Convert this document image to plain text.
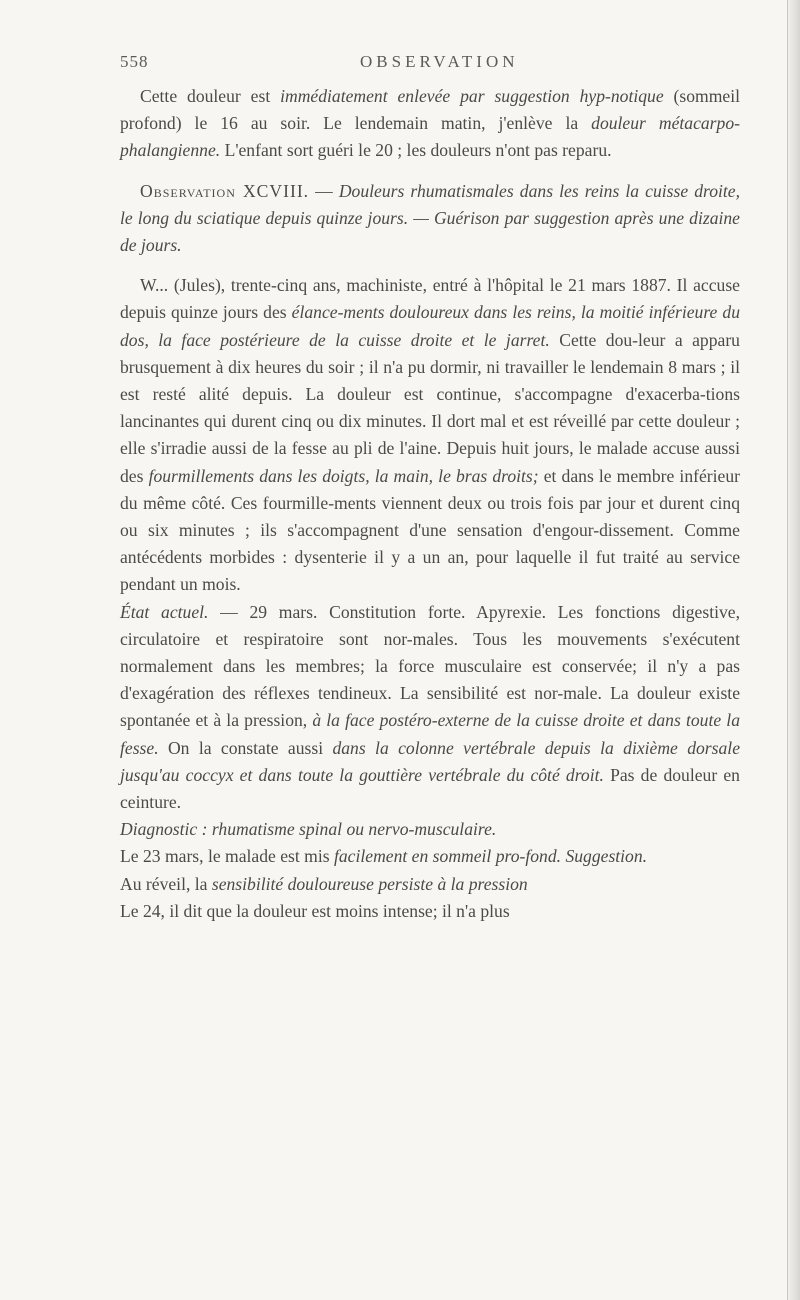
558	OBSERVATION

Cette douleur est immédiatement enlevée par suggestion hyp-notique (sommeil profond) le 16 au soir. Le lendemain matin, j'enlève la douleur métacarpo-phalangienne. L'enfant sort guéri le 20 ; les douleurs n'ont pas reparu.

Observation XCVIII. — Douleurs rhumatismales dans les reins la cuisse droite, le long du sciatique depuis quinze jours. — Guérison par suggestion après une dizaine de jours.

W... (Jules), trente-cinq ans, machiniste, entré à l'hôpital le 21 mars 1887. Il accuse depuis quinze jours des élance-ments douloureux dans les reins, la moitié inférieure du dos, la face postérieure de la cuisse droite et le jarret. Cette dou-leur a apparu brusquement à dix heures du soir ; il n'a pu dormir, ni travailler le lendemain 8 mars ; il est resté alité depuis. La douleur est continue, s'accompagne d'exacerba-tions lancinantes qui durent cinq ou dix minutes. Il dort mal et est réveillé par cette douleur ; elle s'irradie aussi de la fesse au pli de l'aine. Depuis huit jours, le malade accuse aussi des fourmillements dans les doigts, la main, le bras droits; et dans le membre inférieur du même côté. Ces fourmille-ments viennent deux ou trois fois par jour et durent cinq ou six minutes ; ils s'accompagnent d'une sensation d'engour-dissement. Comme antécédents morbides : dysenterie il y a un an, pour laquelle il fut traité au service pendant un mois.

État actuel. — 29 mars. Constitution forte. Apyrexie. Les fonctions digestive, circulatoire et respiratoire sont nor-males. Tous les mouvements s'exécutent normalement dans les membres; la force musculaire est conservée; il n'y a pas d'exagération des réflexes tendineux. La sensibilité est nor-male. La douleur existe spontanée et à la pression, à la face postéro-externe de la cuisse droite et dans toute la fesse. On la constate aussi dans la colonne vertébrale depuis la dixième dorsale jusqu'au coccyx et dans toute la gouttière vertébrale du côté droit. Pas de douleur en ceinture.

Diagnostic : rhumatisme spinal ou nervo-musculaire.

Le 23 mars, le malade est mis facilement en sommeil pro-fond. Suggestion.

Au réveil, la sensibilité douloureuse persiste à la pression

Le 24, il dit que la douleur est moins intense; il n'a plus
